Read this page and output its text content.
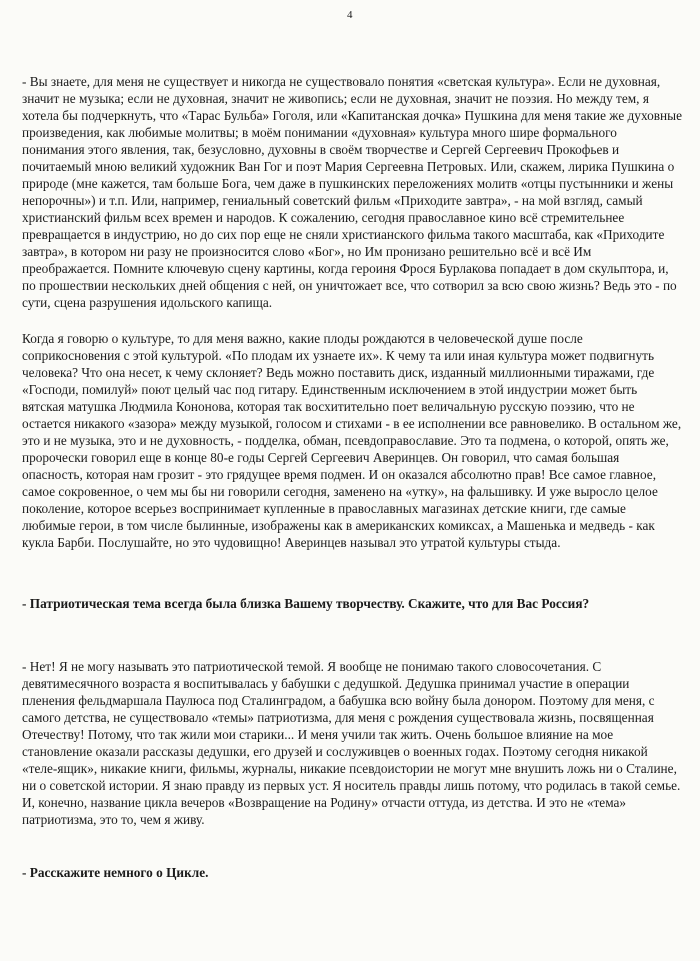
4
- Вы знаете, для меня не существует и никогда не существовало понятия «светская культура». Если не духовная, значит не музыка; если не духовная, значит не живопись; если не духовная, значит не поэзия. Но между тем, я хотела бы подчеркнуть, что «Тарас Бульба» Гоголя, или «Капитанская дочка» Пушкина для меня такие же духовные произведения, как любимые молитвы; в моём понимании «духовная» культура много шире формального понимания этого явления, так, безусловно, духовны в своём творчестве и Сергей Сергеевич Прокофьев и почитаемый мною великий художник Ван Гог и поэт Мария Сергеевна Петровых. Или, скажем, лирика Пушкина о природе (мне кажется, там больше Бога, чем даже в пушкинских переложениях молитв «отцы пустынники и жены непорочны») и т.п. Или, например, гениальный советский фильм «Приходите завтра», - на мой взгляд, самый христианский фильм всех времен и народов. К сожалению, сегодня православное кино всё стремительнее превращается в индустрию, но до сих пор еще не сняли христианского фильма такого масштаба, как «Приходите завтра», в котором ни разу не произносится слово «Бог», но Им пронизано решительно всё и всё Им преображается. Помните ключевую сцену картины, когда героиня Фрося Бурлакова попадает в дом скульптора, и, по прошествии нескольких дней общения с ней, он уничтожает все, что сотворил за всю свою жизнь? Ведь это - по сути, сцена разрушения идольского капища.
Когда я говорю о культуре, то для меня важно, какие плоды рождаются в человеческой душе после соприкосновения с этой культурой. «По плодам их узнаете их». К чему та или иная культура может подвигнуть человека? Что она несет, к чему склоняет? Ведь можно поставить диск, изданный миллионными тиражами, где «Господи, помилуй» поют целый час под гитару. Единственным исключением в этой индустрии может быть вятская матушка Людмила Кононова, которая так восхитительно поет величальную русскую поэзию, что не остается никакого «зазора» между музыкой, голосом и стихами - в ее исполнении все равновелико. В остальном же, это и не музыка, это и не духовность, - подделка, обман, псевдоправославие. Это та подмена, о которой, опять же, пророчески говорил еще в конце 80-е годы Сергей Сергеевич Аверинцев. Он говорил, что самая большая опасность, которая нам грозит - это грядущее время подмен. И он оказался абсолютно прав! Все самое главное, самое сокровенное, о чем мы бы ни говорили сегодня, заменено на «утку», на фальшивку. И уже выросло целое поколение, которое всерьез воспринимает купленные в православных магазинах детские книги, где самые любимые герои, в том числе былинные, изображены как в американских комиксах, а Машенька и медведь - как кукла Барби. Послушайте, но это чудовищно! Аверинцев называл это утратой культуры стыда.
- Патриотическая тема всегда была близка Вашему творчеству. Скажите, что для Вас Россия?
- Нет! Я не могу называть это патриотической темой. Я вообще не понимаю такого словосочетания. С девятимесячного возраста я воспитывалась у бабушки с дедушкой. Дедушка принимал участие в операции пленения фельдмаршала Паулюса под Сталинградом, а бабушка всю войну была донором. Поэтому для меня, с самого детства, не существовало «темы» патриотизма, для меня с рождения существовала жизнь, посвященная Отечеству! Потому, что так жили мои старики... И меня учили так жить. Очень большое влияние на мое становление оказали рассказы дедушки, его друзей и сослуживцев о военных годах. Поэтому сегодня никакой «теле-ящик», никакие книги, фильмы, журналы, никакие псевдоистории не могут мне внушить ложь ни о Сталине, ни о советской истории. Я знаю правду из первых уст. Я носитель правды лишь потому, что родилась в такой семье. И, конечно, название цикла вечеров «Возвращение на Родину» отчасти оттуда, из детства. И это не «тема» патриотизма, это то, чем я живу.
- Расскажите немного о Цикле.
